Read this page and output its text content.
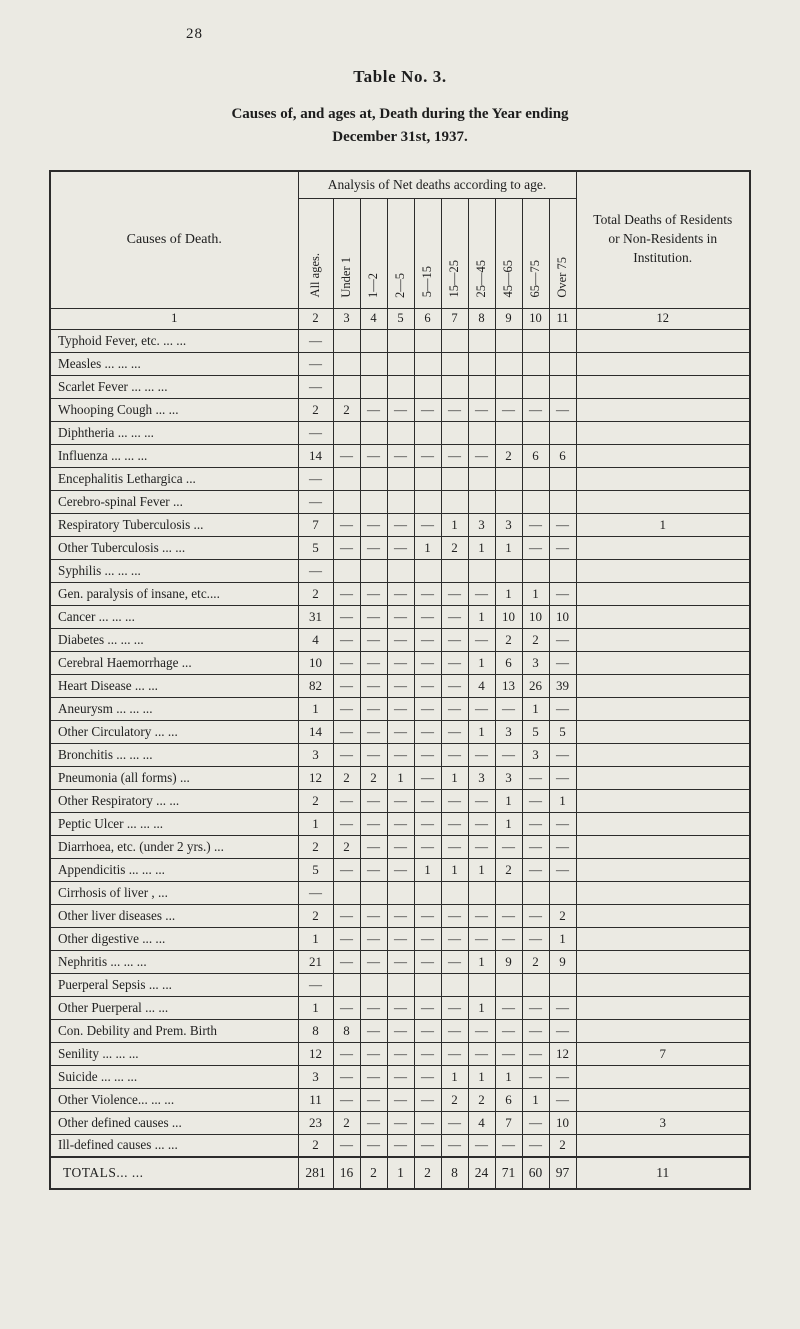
28
Table No. 3.
Causes of, and ages at, Death during the Year ending
December 31st, 1937.
Causes of Death.	Analysis of Net deaths according to age.										Total Deaths of Residents or Non-Residents in Institution.
	All ages.	Under 1	1—2	2—5	5—15	15—25	25—45	45—65	65—75	Over 75	
1	2	3	4	5	6	7	8	9	10	11	12
Typhoid Fever, etc. ... ...	—										
Measles ... ... ...	—										
Scarlet Fever ... ... ...	—										
Whooping Cough ... ...	2	2	—	—	—	—	—	—	—	—	
Diphtheria ... ... ...	—										
Influenza ... ... ...	14	—	—	—	—	—	—	2	6	6	
Encephalitis Lethargica ...	—										
Cerebro-spinal Fever ...	—										
Respiratory Tuberculosis ...	7	—	—	—	—	1	3	3	—	—	1
Other Tuberculosis ... ...	5	—	—	—	1	2	1	1	—	—	
Syphilis ... ... ...	—										
Gen. paralysis of insane, etc....	2	—	—	—	—	—	—	1	1	—	
Cancer ... ... ...	31	—	—	—	—	—	1	10	10	10	
Diabetes ... ... ...	4	—	—	—	—	—	—	2	2	—	
Cerebral Haemorrhage ...	10	—	—	—	—	—	1	6	3	—	
Heart Disease ... ...	82	—	—	—	—	—	4	13	26	39	
Aneurysm ... ... ...	1	—	—	—	—	—	—	—	1	—	
Other Circulatory ... ...	14	—	—	—	—	—	1	3	5	5	
Bronchitis ... ... ...	3	—	—	—	—	—	—	—	3	—	
Pneumonia (all forms) ...	12	2	2	1	—	1	3	3	—	—	
Other Respiratory ... ...	2	—	—	—	—	—	—	1	—	1	
Peptic Ulcer ... ... ...	1	—	—	—	—	—	—	1	—	—	
Diarrhoea, etc. (under 2 yrs.) ...	2	2	—	—	—	—	—	—	—	—	
Appendicitis ... ... ...	5	—	—	—	1	1	1	2	—	—	
Cirrhosis of liver , ...	—										
Other liver diseases ...	2	—	—	—	—	—	—	—	—	2	
Other digestive ... ...	1	—	—	—	—	—	—	—	—	1	
Nephritis ... ... ...	21	—	—	—	—	—	1	9	2	9	
Puerperal Sepsis ... ...	—										
Other Puerperal ... ...	1	—	—	—	—	—	1	—	—	—	
Con. Debility and Prem. Birth	8	8	—	—	—	—	—	—	—	—	
Senility ... ... ...	12	—	—	—	—	—	—	—	—	12	7
Suicide ... ... ...	3	—	—	—	—	1	1	1	—	—	
Other Violence... ... ...	11	—	—	—	—	2	2	6	1	—	
Other defined causes ...	23	2	—	—	—	—	4	7	—	10	3
Ill-defined causes ... ...	2	—	—	—	—	—	—	—	—	2	
TOTALS... ...	281	16	2	1	2	8	24	71	60	97	11
